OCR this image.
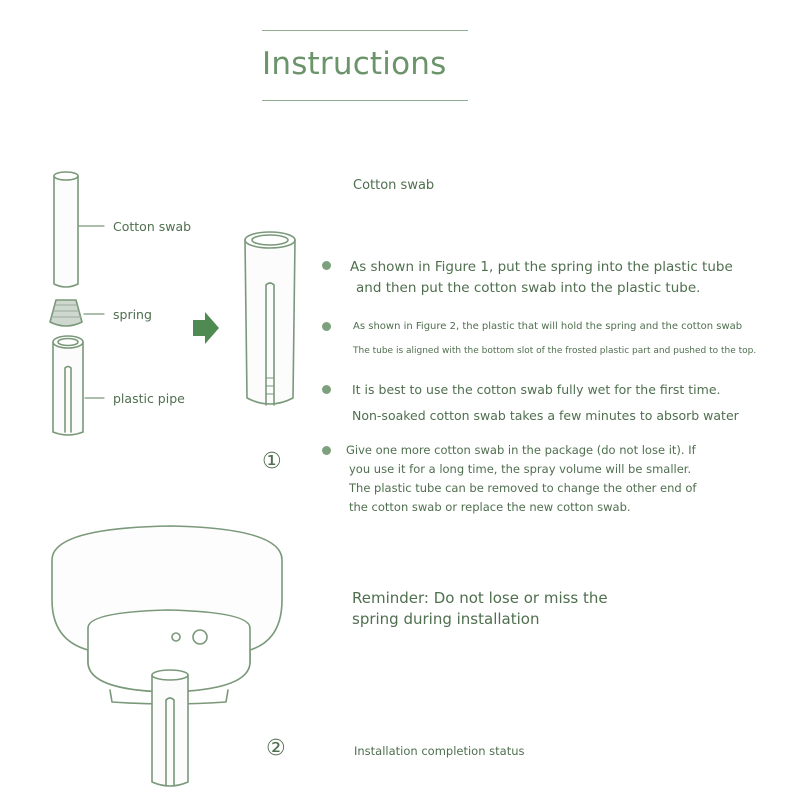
Instructions
Cotton swab
spring
plastic pipe
①
Cotton swab
As shown in Figure 1, put the spring into the plastic tube
and then put the cotton swab into the plastic tube.
As shown in Figure 2, the plastic that will hold the spring and the cotton swab
The tube is aligned with the bottom slot of the frosted plastic part and pushed to the top.
It is best to use the cotton swab fully wet for the first time.
Non-soaked cotton swab takes a few minutes to absorb water
Give one more cotton swab in the package (do not lose it). If
you use it for a long time, the spray volume will be smaller.
The plastic tube can be removed to change the other end of
the cotton swab or replace the new cotton swab.
Reminder: Do not lose or miss the
spring during installation
②	Installation completion status
